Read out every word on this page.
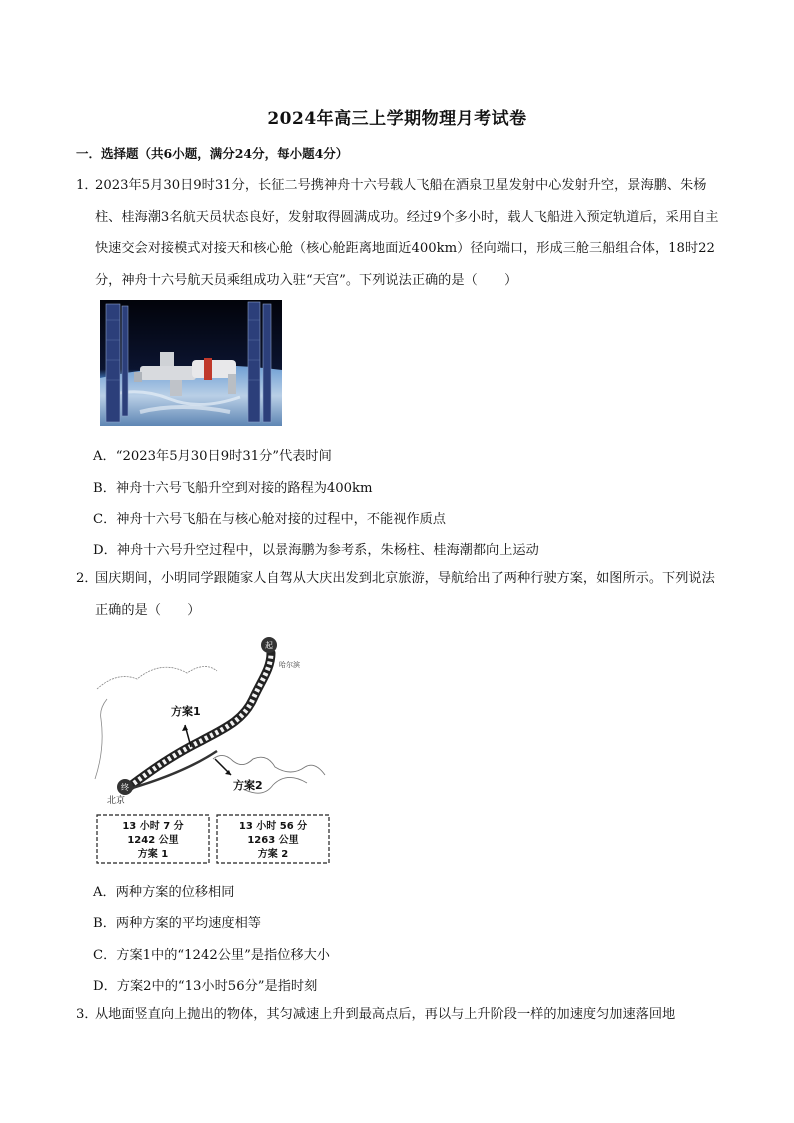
2024年高三上学期物理月考试卷
一．选择题（共6小题，满分24分，每小题4分）
1．
2023年5月30日9时31分，长征二号携神舟十六号载人飞船在酒泉卫星发射中心发射升空，景海鹏、朱杨柱、桂海潮3名航天员状态良好，发射取得圆满成功。经过9个多小时，载人飞船进入预定轨道后，采用自主快速交会对接模式对接天和核心舱（核心舱距离地面近400km）径向端口，形成三舱三船组合体，18时22分，神舟十六号航天员乘组成功入驻“天宫”。下列说法正确的是（　　）
A．“2023年5月30日9时31分”代表时间
B．神舟十六号飞船升空到对接的路程为400km
C．神舟十六号飞船在与核心舱对接的过程中，不能视作质点
D．神舟十六号升空过程中，以景海鹏为参考系，朱杨柱、桂海潮都向上运动
2．
国庆期间，小明同学跟随家人自驾从大庆出发到北京旅游，导航给出了两种行驶方案，如图所示。下列说法正确的是（　　）
终
起
哈尔滨
北京
方案1
方案2
13 小时 7 分
1242 公里
方案 1
13 小时 56 分
1263 公里
方案 2
A．两种方案的位移相同
B．两种方案的平均速度相等
C．方案1中的“1242公里”是指位移大小
D．方案2中的“13小时56分”是指时刻
3．
从地面竖直向上抛出的物体，其匀减速上升到最高点后，再以与上升阶段一样的加速度匀加速落回地
